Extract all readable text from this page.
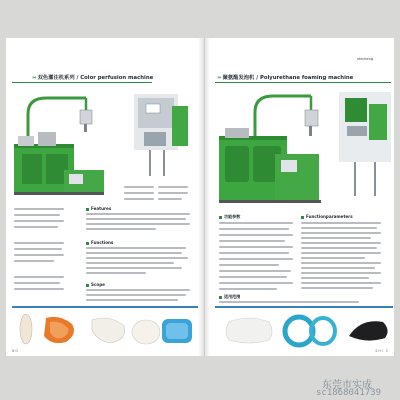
››› 双色灌注机系列 / Color perfusion machine
Features
Functions
Scope
NG
shicheng
››› 聚氨酯发泡机 / Polyurethane foaming machine
功能参数	Functionparameters
适用范围
SHI C
东莞市实成
sc1868041739
